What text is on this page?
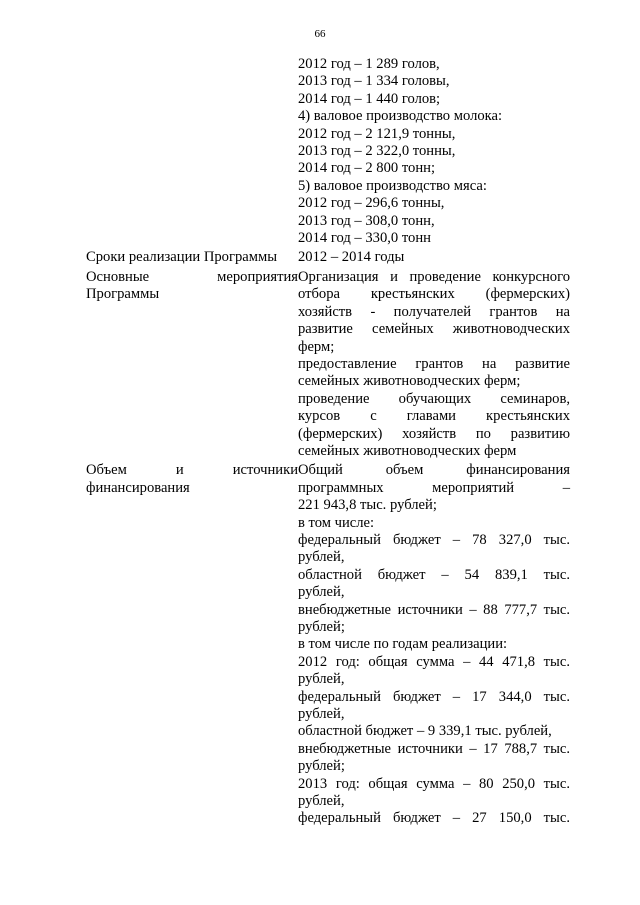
66
2012 год – 1 289 голов,
2013 год – 1 334 головы,
2014 год – 1 440 голов;
4) валовое производство молока:
2012 год – 2 121,9 тонны,
2013 год – 2 322,0 тонны,
2014 год – 2 800 тонн;
5) валовое производство мяса:
2012 год – 296,6 тонны,
2013 год – 308,0 тонн,
2014 год – 330,0 тонн
Сроки реализации Программы	2012 – 2014 годы
Основные мероприятия
Программы
Организация и проведение конкурсного
отбора крестьянских (фермерских)
хозяйств - получателей грантов на
развитие семейных животноводческих
ферм;
предоставление грантов на развитие
семейных животноводческих ферм;
проведение обучающих семинаров,
курсов с главами крестьянских
(фермерских) хозяйств по развитию
семейных животноводческих ферм
Объем и источники
финансирования
Общий объем финансирования
программных мероприятий –
221 943,8 тыс. рублей;
в том числе:
федеральный бюджет – 78 327,0 тыс.
рублей,
областной бюджет – 54 839,1 тыс.
рублей,
внебюджетные источники – 88 777,7 тыс.
рублей;
в том числе по годам реализации:
2012 год: общая сумма – 44 471,8 тыс.
рублей,
федеральный бюджет – 17 344,0 тыс.
рублей,
областной бюджет – 9 339,1 тыс. рублей,
внебюджетные источники – 17 788,7 тыс.
рублей;
2013 год: общая сумма – 80 250,0 тыс.
рублей,
федеральный бюджет – 27 150,0 тыс.
